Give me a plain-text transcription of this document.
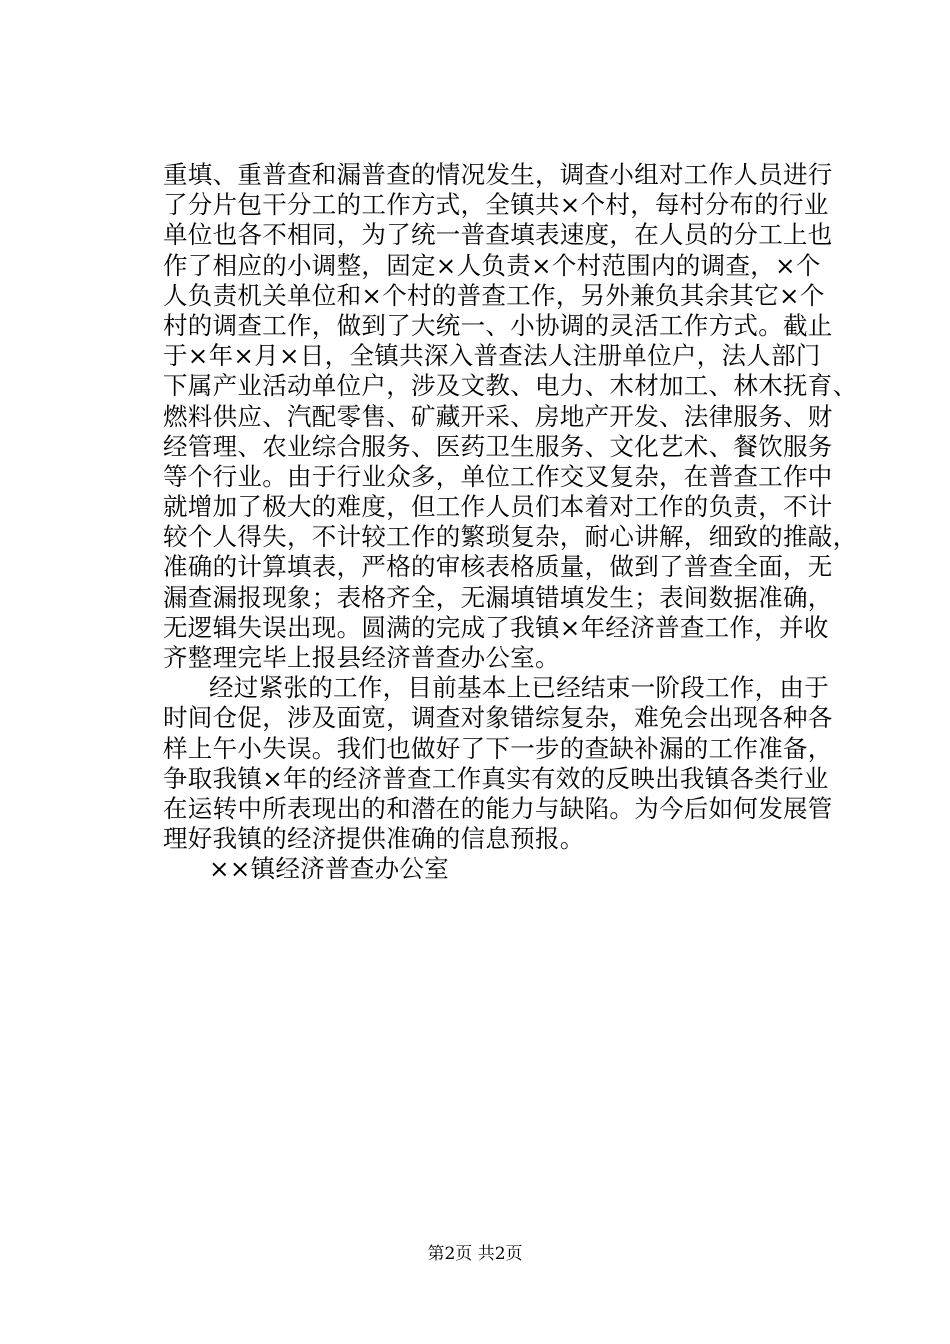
重填、重普查和漏普查的情况发生，调查小组对工作人员进行
了分片包干分工的工作方式，全镇共×个村，每村分布的行业
单位也各不相同，为了统一普查填表速度，在人员的分工上也
作了相应的小调整，固定×人负责×个村范围内的调查，×个
人负责机关单位和×个村的普查工作，另外兼负其余其它×个
村的调查工作，做到了大统一、小协调的灵活工作方式。截止
于×年×月×日，全镇共深入普查法人注册单位户，法人部门
下属产业活动单位户，涉及文教、电力、木材加工、林木抚育、
燃料供应、汽配零售、矿藏开采、房地产开发、法律服务、财
经管理、农业综合服务、医药卫生服务、文化艺术、餐饮服务
等个行业。由于行业众多，单位工作交叉复杂，在普查工作中
就增加了极大的难度，但工作人员们本着对工作的负责，不计
较个人得失，不计较工作的繁琐复杂，耐心讲解，细致的推敲，
准确的计算填表，严格的审核表格质量，做到了普查全面，无
漏查漏报现象；表格齐全，无漏填错填发生；表间数据准确，
无逻辑失误出现。圆满的完成了我镇×年经济普查工作，并收
齐整理完毕上报县经济普查办公室。
经过紧张的工作，目前基本上已经结束一阶段工作，由于
时间仓促，涉及面宽，调查对象错综复杂，难免会出现各种各
样上午小失误。我们也做好了下一步的查缺补漏的工作准备，
争取我镇×年的经济普查工作真实有效的反映出我镇各类行业
在运转中所表现出的和潜在的能力与缺陷。为今后如何发展管
理好我镇的经济提供准确的信息预报。
××镇经济普查办公室
第2页 共2页
